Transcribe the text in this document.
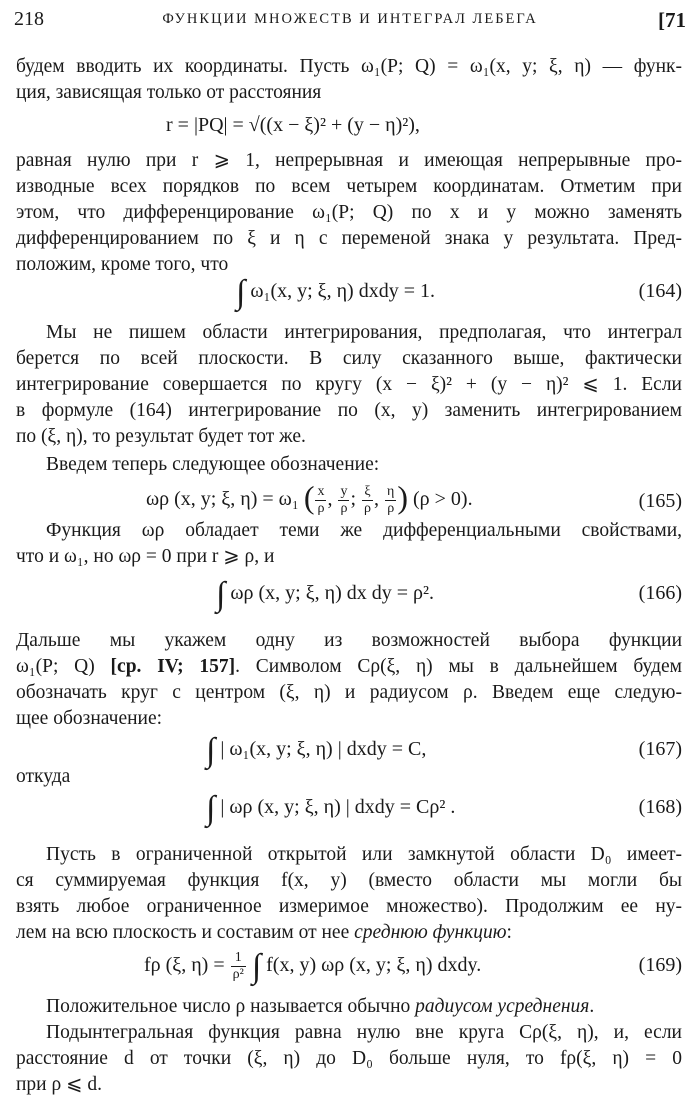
218	ФУНКЦИИ МНОЖЕСТВ И ИНТЕГРАЛ ЛЕБЕГА	[71
будем вводить их координаты. Пусть ω₁(P; Q) = ω₁(x, y; ξ, η) — функ-
ция, зависящая только от расстояния
r = |PQ| = √((x − ξ)² + (y − η)²),
равная нулю при r ⩾ 1, непрерывная и имеющая непрерывные про-
изводные всех порядков по всем четырем координатам. Отметим при
этом, что дифференцирование ω₁(P; Q) по x и y можно заменять
дифференцированием по ξ и η с переменой знака у результата. Пред-
положим, кроме того, что
∫ ω₁(x, y; ξ, η) dxdy = 1.	(164)
Мы не пишем области интегрирования, предполагая, что интеграл
берется по всей плоскости. В силу сказанного выше, фактически
интегрирование совершается по кругу (x − ξ)² + (y − η)² ⩽ 1. Если
в формуле (164) интегрирование по (x, y) заменить интегрированием
по (ξ, η), то результат будет тот же.
Введем теперь следующее обозначение:
ωρ (x, y; ξ, η) = ω₁ ( $\frac{x}{\rho}$ , $\frac{y}{\rho}$ ; $\frac{\xi}{\rho}$ , $\frac{\eta}{\rho}$ ) (ρ > 0).	(165)
Функция ωρ обладает теми же дифференциальными свойствами,
что и ω₁, но ωρ = 0 при r ⩾ ρ, и
∫ ωρ (x, y; ξ, η) dx dy = ρ².	(166)
Дальше мы укажем одну из возможностей выбора функции
ω₁(P; Q) [ср. IV; 157]. Символом Cρ(ξ, η) мы в дальнейшем будем
обозначать круг с центром (ξ, η) и радиусом ρ. Введем еще следую-
щее обозначение:
∫ | ω₁(x, y; ξ, η) | dxdy = C,	(167)
откуда
∫ | ωρ (x, y; ξ, η) | dxdy = Cρ² .	(168)
Пусть в ограниченной открытой или замкнутой области D₀ имеет-
ся суммируемая функция f(x, y) (вместо области мы могли бы
взять любое ограниченное измеримое множество). Продолжим ее ну-
лем на всю плоскость и составим от нее среднюю функцию:
fρ (ξ, $\eta) = \frac{1}{\text{ρ²}}$ ∫ f(x, y) ωρ (x, y; ξ, η) dxdy.	(169)
Положительное число ρ называется обычно радиусом усреднения.
Подынтегральная функция равна нулю вне круга Cρ(ξ, η), и, если
расстояние d от точки (ξ, η) до D₀ больше нуля, то fρ(ξ, η) = 0
при ρ ⩽ d.
